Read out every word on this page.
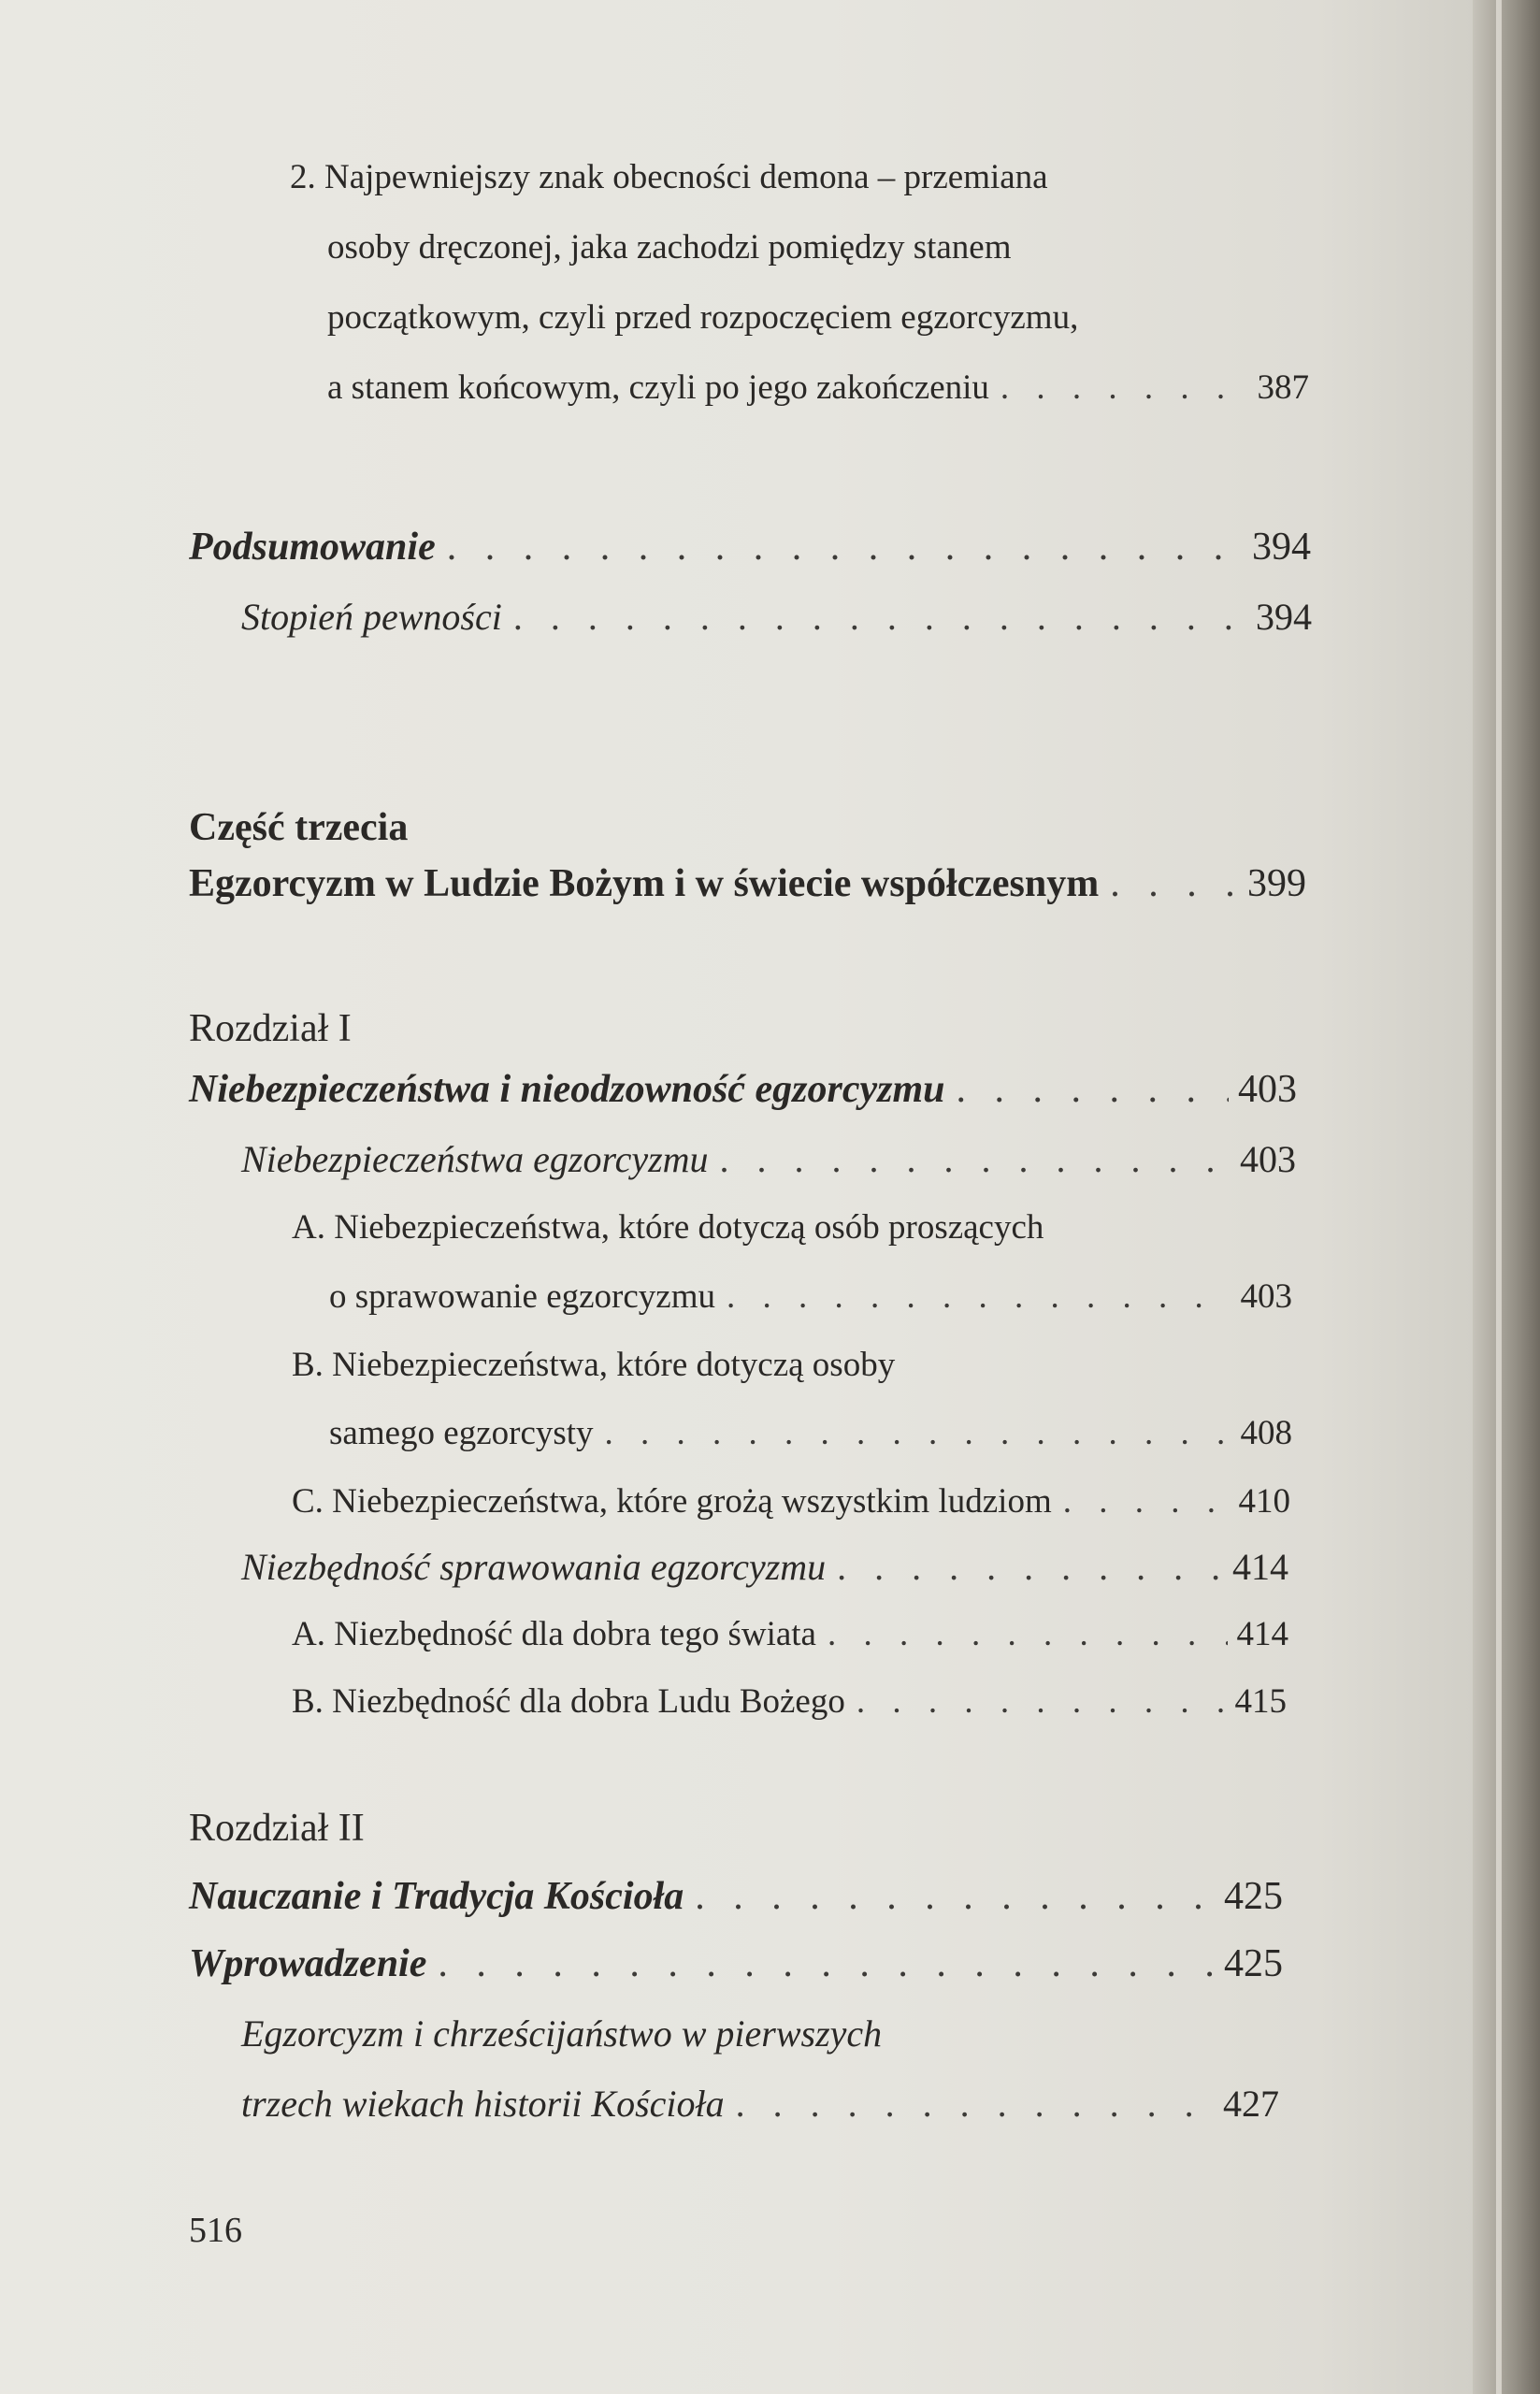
2. Najpewniejszy znak obecności demona – przemiana
osoby dręczonej, jaka zachodzi pomiędzy stanem
początkowym, czyli przed rozpoczęciem egzorcyzmu,
a stanem końcowym, czyli po jego zakończeniu . . .	387
Podsumowanie . . .	394
Stopień pewności . . .	394
Część trzecia
Egzorcyzm w Ludzie Bożym i w świecie współczesnym . . .	399
Rozdział I
Niebezpieczeństwa i nieodzowność egzorcyzmu . . .	403
Niebezpieczeństwa egzorcyzmu . . .	403
A. Niebezpieczeństwa, które dotyczą osób proszących
o sprawowanie egzorcyzmu . . .	403
B. Niebezpieczeństwa, które dotyczą osoby
samego egzorcysty . . .	408
C. Niebezpieczeństwa, które grożą wszystkim ludziom . . .	410
Niezbędność sprawowania egzorcyzmu . . .	414
A. Niezbędność dla dobra tego świata . . .	414
B. Niezbędność dla dobra Ludu Bożego . . .	415
Rozdział II
Nauczanie i Tradycja Kościoła . . .	425
Wprowadzenie . . .	425
Egzorcyzm i chrześcijaństwo w pierwszych
trzech wiekach historii Kościoła . . .	427
516
